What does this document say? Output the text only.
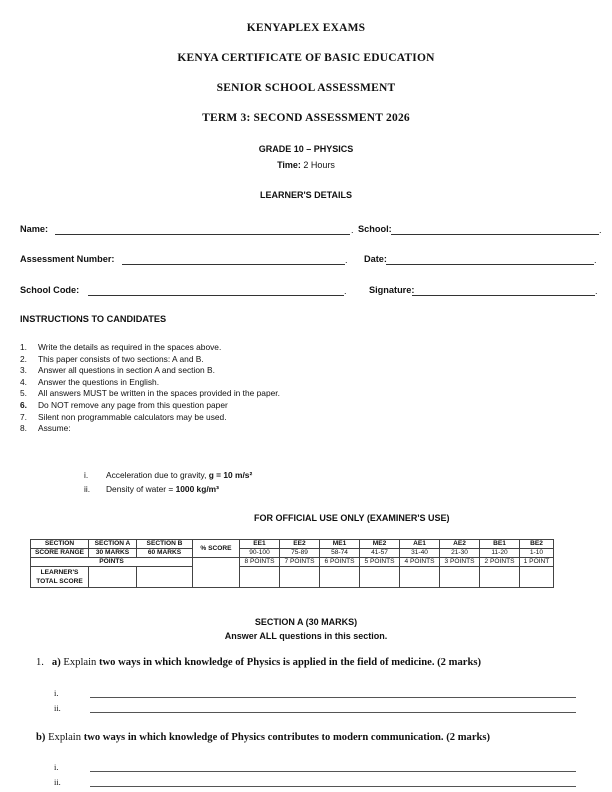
KENYAPLEX EXAMS
KENYA CERTIFICATE OF BASIC EDUCATION
SENIOR SCHOOL ASSESSMENT
TERM 3: SECOND ASSESSMENT 2026
GRADE 10 – PHYSICS
Time: 2 Hours
LEARNER'S DETAILS
Name:	. School:	.
Assessment Number:	. Date:	.
School Code:	. Signature:	.
INSTRUCTIONS TO CANDIDATES
1. Write the details as required in the spaces above.
2. This paper consists of two sections: A and B.
3. Answer all questions in section A and section B.
4. Answer the questions in English.
5. All answers MUST be written in the spaces provided in the paper.
6. Do NOT remove any page from this question paper
7. Silent non programmable calculators may be used.
8. Assume:
i. Acceleration due to gravity, g = 10 m/s²
ii. Density of water = 1000 kg/m³
FOR OFFICIAL USE ONLY (EXAMINER'S USE)
SECTION	SECTION A	SECTION B	% SCORE	EE1	EE2	ME1	ME2	AE1	AE2	BE1	BE2
SCORE RANGE	30 MARKS	60 MARKS		90-100	75-89	58-74	41-57	31-40	21-30	11-20	1-10
POINTS				8 POINTS	7 POINTS	6 POINTS	5 POINTS	4 POINTS	3 POINTS	2 POINTS	1 POINT
LEARNER'S
TOTAL SCORE											
SECTION A (30 MARKS)
Answer ALL questions in this section.
1. a) Explain two ways in which knowledge of Physics is applied in the field of medicine. (2 marks)
i.
ii.
b) Explain two ways in which knowledge of Physics contributes to modern communication. (2 marks)
i.
ii.
